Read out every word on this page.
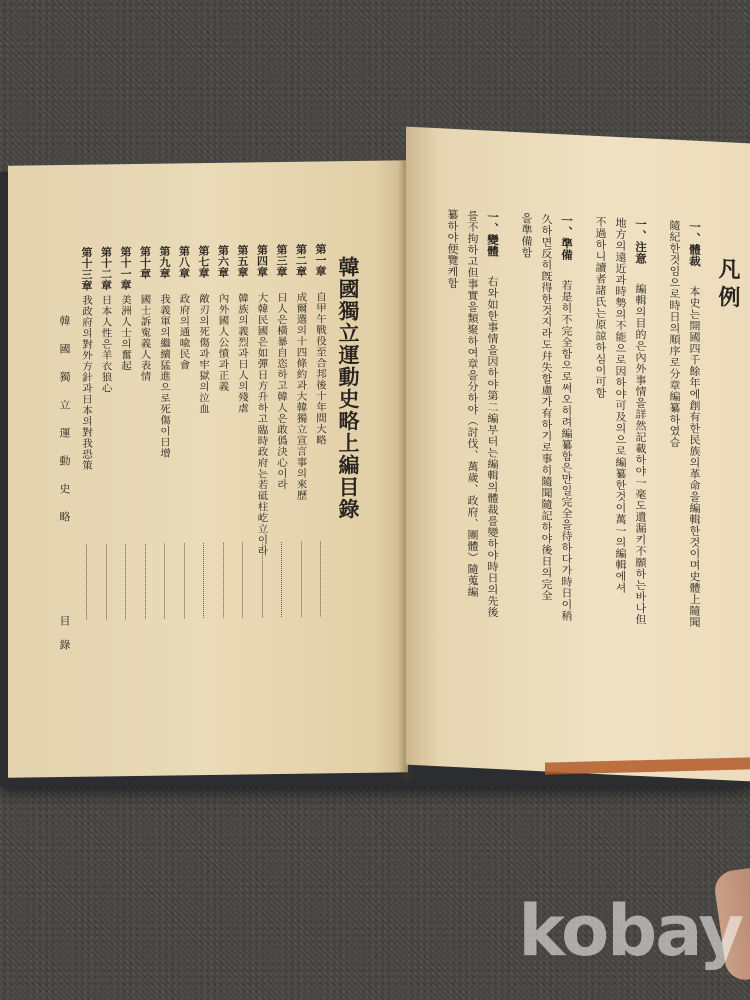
韓國獨立運動史略上編目錄
第一章
自甲午戰役至合邦後十年間大略
第二章
成爾選의十四條約과大韓獨立宣言事의來歷
第三章
日人은橫暴自恣하고韓人은敢僞決心이라
第四章
大韓民國은如彈日方升하고臨時政府는若砥柱屹立이라
第五章
韓族의義烈과日人의殘虐
第六章
內外國人公憤과正義
第七章
敵刃의死傷과牢獄의泣血
第八章
政府의通喩民會
第九章
我義軍의繼續猛進으로死傷이日增
第十章
國士訴寃義人表情
第十一章
美洲人士의奮起
第十二章
日本人性은羊衣狼心
第十三章
我政府의對外方針과日本의對我恐策
韓 國 獨 立 運 動 史 略
目 錄
凡例
一、體裁
本史는開國四千餘年에創有한民族의革命을編輯한것이며史體上隨聞
隨紀한것임으로時日의順序로分章編纂하였슴
一、注意
編輯의目的은內外事情을詳然記載하야一毫도遺漏키不願하는바나但
地方의遠近과時勢의不能으로因하야可及의으로編纂한것이萬一의編輯에셔
不過하니讀者諸氏는原諒하심이可함
一、準備
若是히不完全함으로써오히려編纂함은만일完全을待하다가時日이稍
久하면反히旣得한것지라도幷失할慮가有하기로事히隨聞隨記하야後日의完全
을準備함
一、變體
右와如한事情을因하야第二編부터는編輯의體裁를變하야時日의先後
를不拘하고但事實을類聚하여章을分하야（討伐、萬歲、政府、團體）隨蒐編
纂하야便覽케함
kobay
